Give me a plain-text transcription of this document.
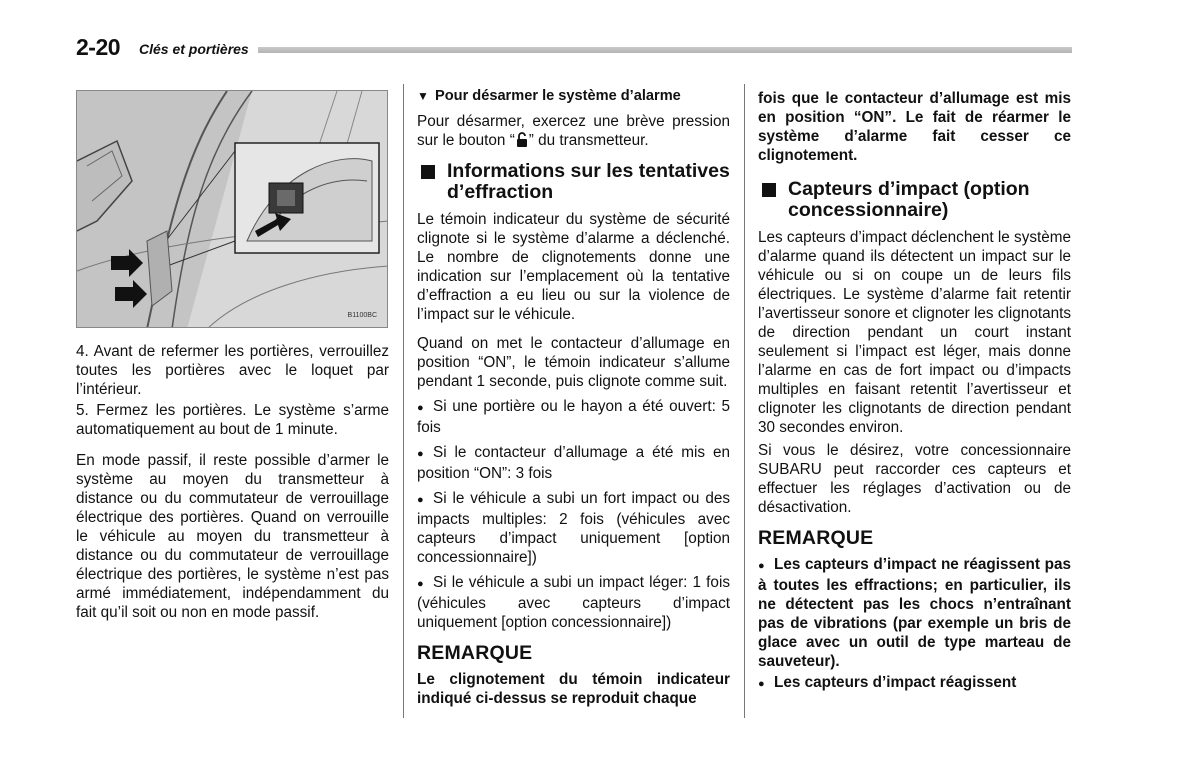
2-20 Clés et portières
B1100BC

4. Avant de refermer les portières, verrouillez toutes les portières avec le loquet par l’intérieur.

5. Fermez les portières. Le système s’arme automatiquement au bout de 1 minute.

En mode passif, il reste possible d’armer le système au moyen du transmetteur à distance ou du commutateur de verrouillage électrique des portières. Quand on verrouille le véhicule au moyen du transmetteur à distance ou du commutateur de verrouillage électrique des portières, le système n’est pas armé immédiatement, indépendamment du fait qu’il soit ou non en mode passif.

▼ Pour désarmer le système d’alarme

Pour désarmer, exercez une brève pression sur le bouton “ ” du transmetteur.

Informations sur les tentatives d’effraction

Le témoin indicateur du système de sécurité clignote si le système d’alarme a déclenché. Le nombre de clignotements donne une indication sur l’emplacement où la tentative d’effraction a eu lieu ou sur la violence de l’impact sur le véhicule.

Quand on met le contacteur d’allumage en position “ON”, le témoin indicateur s’allume pendant 1 seconde, puis clignote comme suit.

● Si une portière ou le hayon a été ouvert: 5 fois

● Si le contacteur d’allumage a été mis en position “ON”: 3 fois

● Si le véhicule a subi un fort impact ou des impacts multiples: 2 fois (véhicules avec capteurs d’impact uniquement [option concessionnaire])

● Si le véhicule a subi un impact léger: 1 fois (véhicules avec capteurs d’impact uniquement [option concessionnaire])

REMARQUE

Le clignotement du témoin indicateur indiqué ci-dessus se reproduit chaque

fois que le contacteur d’allumage est mis en position “ON”. Le fait de réarmer le système d’alarme fait cesser ce clignotement.

Capteurs d’impact (option concessionnaire)

Les capteurs d’impact déclenchent le système d’alarme quand ils détectent un impact sur le véhicule ou si on coupe un de leurs fils électriques. Le système d’alarme fait retentir l’avertisseur sonore et clignoter les clignotants de direction pendant un court instant seulement si l’impact est léger, mais donne l’alarme en cas de fort impact ou d’impacts multiples en faisant retentit l’avertisseur et clignoter les clignotants de direction pendant 30 secondes environ.

Si vous le désirez, votre concessionnaire SUBARU peut raccorder ces capteurs et effectuer les réglages d’activation ou de désactivation.

REMARQUE

● Les capteurs d’impact ne réagissent pas à toutes les effractions; en particulier, ils ne détectent pas les chocs n’entraînant pas de vibrations (par exemple un bris de glace avec un outil de type marteau de sauveteur).

● Les capteurs d’impact réagissent
